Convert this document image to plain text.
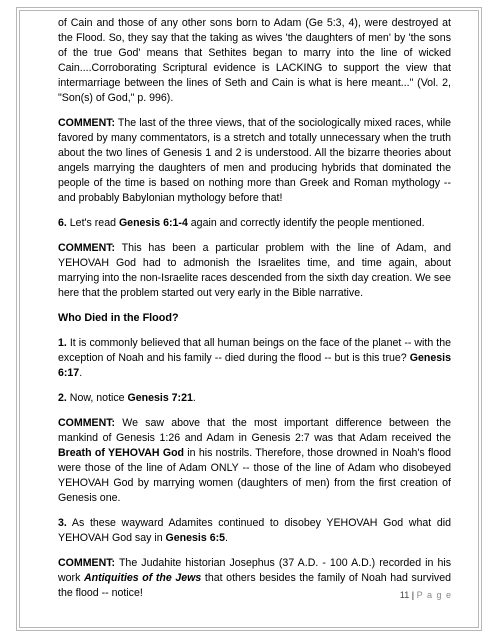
of Cain and those of any other sons born to Adam (Ge 5:3, 4), were destroyed at the Flood. So, they say that the taking as wives 'the daughters of men' by 'the sons of the true God' means that Sethites began to marry into the line of wicked Cain....Corroborating Scriptural evidence is LACKING to support the view that intermarriage between the lines of Seth and Cain is what is here meant..." (Vol. 2, "Son(s) of God," p. 996).

COMMENT: The last of the three views, that of the sociologically mixed races, while favored by many commentators, is a stretch and totally unnecessary when the truth about the two lines of Genesis 1 and 2 is understood. All the bizarre theories about angels marrying the daughters of men and producing hybrids that dominated the people of the time is based on nothing more than Greek and Roman mythology -- and probably Babylonian mythology before that!

6. Let's read Genesis 6:1-4 again and correctly identify the people mentioned.

COMMENT: This has been a particular problem with the line of Adam, and YEHOVAH God had to admonish the Israelites time, and time again, about marrying into the non-Israelite races descended from the sixth day creation. We see here that the problem started out very early in the Bible narrative.

Who Died in the Flood?

1. It is commonly believed that all human beings on the face of the planet -- with the exception of Noah and his family -- died during the flood -- but is this true? Genesis 6:17.

2. Now, notice Genesis 7:21.

COMMENT: We saw above that the most important difference between the mankind of Genesis 1:26 and Adam in Genesis 2:7 was that Adam received the Breath of YEHOVAH God in his nostrils. Therefore, those drowned in Noah's flood were those of the line of Adam ONLY -- those of the line of Adam who disobeyed YEHOVAH God by marrying women (daughters of men) from the first creation of Genesis one.

3. As these wayward Adamites continued to disobey YEHOVAH God what did YEHOVAH God say in Genesis 6:5.

COMMENT: The Judahite historian Josephus (37 A.D. - 100 A.D.) recorded in his work Antiquities of the Jews that others besides the family of Noah had survived the flood -- notice!	11 | P a g e
